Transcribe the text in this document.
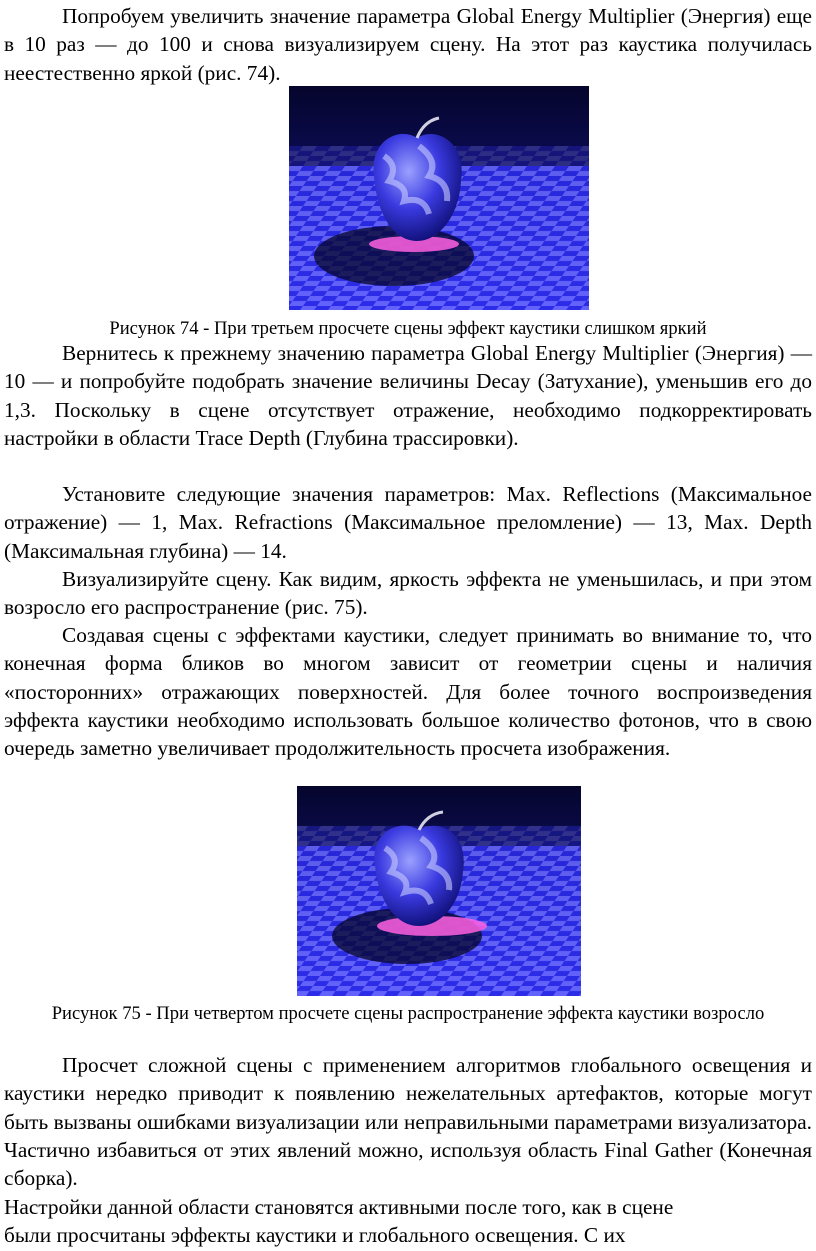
Попробуем увеличить значение параметра Global Energy Multiplier (Энергия) еще в 10 раз — до 100 и снова визуализируем сцену. На этот раз каустика получилась неестественно яркой (рис. 74).

Рисунок 74 - При третьем просчете сцены эффект каустики слишком яркий

Вернитесь к прежнему значению параметра Global Energy Multiplier (Энергия) — 10 — и попробуйте подобрать значение величины Decay (Затухание), уменьшив его до 1,3. Поскольку в сцене отсутствует отражение, необходимо подкорректировать настройки в области Trace Depth (Глубина трассировки).

Установите следующие значения параметров: Max. Reflections (Максимальное отражение) — 1, Max. Refractions (Максимальное преломление) — 13, Max. Depth (Максимальная глубина) — 14.

Визуализируйте сцену. Как видим, яркость эффекта не уменьшилась, и при этом возросло его распространение (рис. 75).

Создавая сцены с эффектами каустики, следует принимать во внимание то, что конечная форма бликов во многом зависит от геометрии сцены и наличия «посторонних» отражающих поверхностей. Для более точного воспроизведения эффекта каустики необходимо использовать большое количество фотонов, что в свою очередь заметно увеличивает продолжительность просчета изображения.

Рисунок 75 - При четвертом просчете сцены распространение эффекта каустики возросло

Просчет сложной сцены с применением алгоритмов глобального освещения и каустики нередко приводит к появлению нежелательных артефактов, которые могут быть вызваны ошибками визуализации или неправильными параметрами визуализатора. Частично избавиться от этих явлений можно, используя область Final Gather (Конечная сборка).

Настройки данной области становятся активными после того, как в сцене

были просчитаны эффекты каустики и глобального освещения. С их
